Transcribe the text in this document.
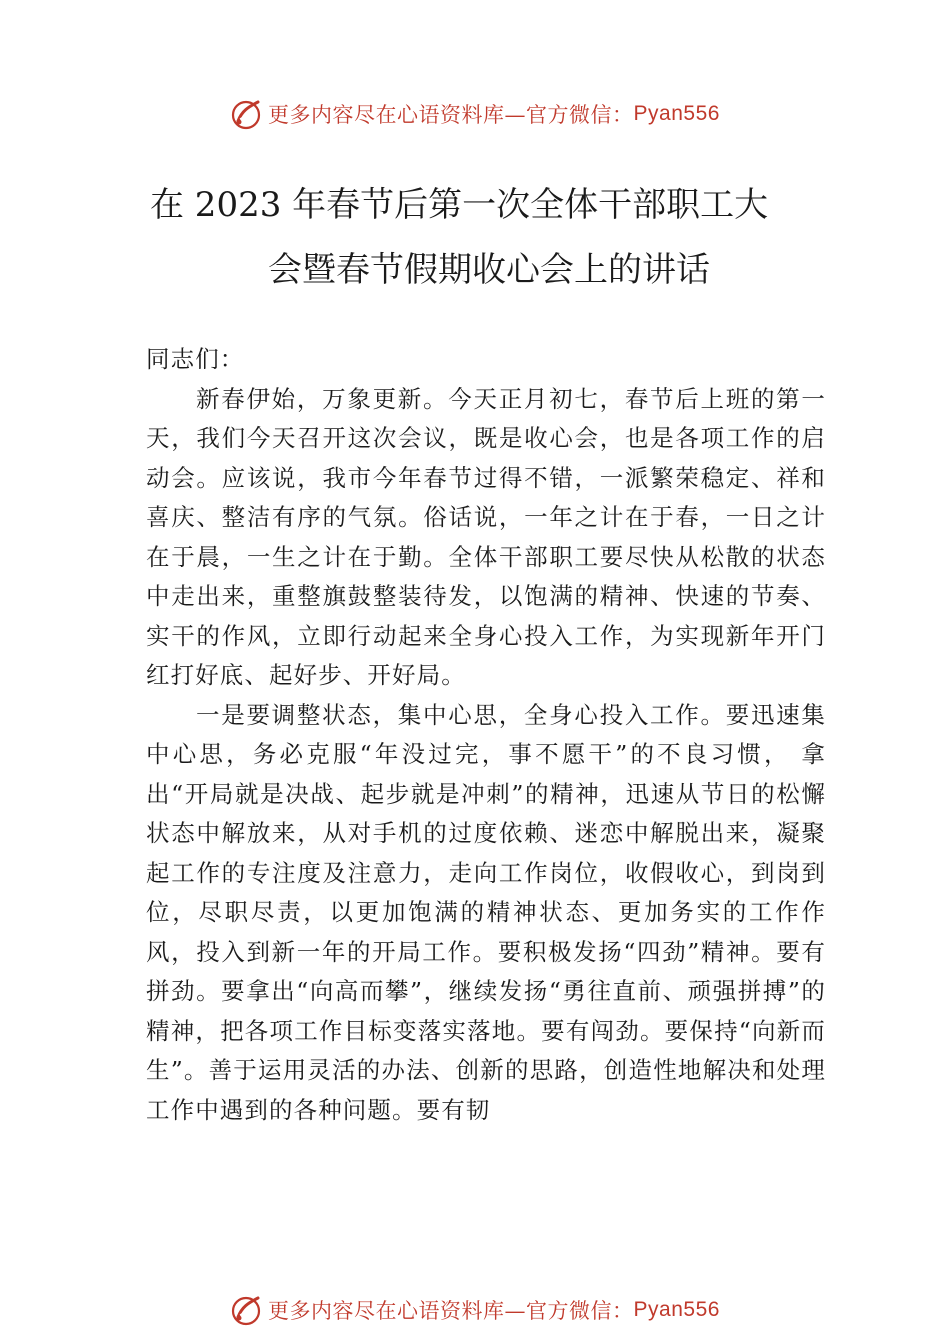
更多内容尽在心语资料库—官方微信： Pyan556
在 2023 年春节后第一次全体干部职工大
会暨春节假期收心会上的讲话

同志们：

新春伊始，万象更新。今天正月初七，春节后上班的第一天，我们今天召开这次会议，既是收心会，也是各项工作的启动会。应该说，我市今年春节过得不错，一派繁荣稳定、祥和喜庆、整洁有序的气氛。俗话说，一年之计在于春，一日之计在于晨，一生之计在于勤。全体干部职工要尽快从松散的状态中走出来，重整旗鼓整装待发，以饱满的精神、快速的节奏、实干的作风，立即行动起来全身心投入工作，为实现新年开门红打好底、起好步、开好局。

一是要调整状态，集中心思，全身心投入工作。要迅速集中心思，务必克服“年没过完，事不愿干”的不良习惯， 拿出“开局就是决战、起步就是冲刺”的精神，迅速从节日的松懈状态中解放来，从对手机的过度依赖、迷恋中解脱出来，凝聚起工作的专注度及注意力，走向工作岗位，收假收心，到岗到位，尽职尽责，以更加饱满的精神状态、更加务实的工作作风，投入到新一年的开局工作。要积极发扬“四劲”精神。要有拼劲。要拿出“向高而攀”，继续发扬“勇往直前、顽强拼搏”的精神，把各项工作目标变落实落地。要有闯劲。要保持“向新而生”。善于运用灵活的办法、创新的思路，创造性地解决和处理工作中遇到的各种问题。要有韧

更多内容尽在心语资料库—官方微信： Pyan556
